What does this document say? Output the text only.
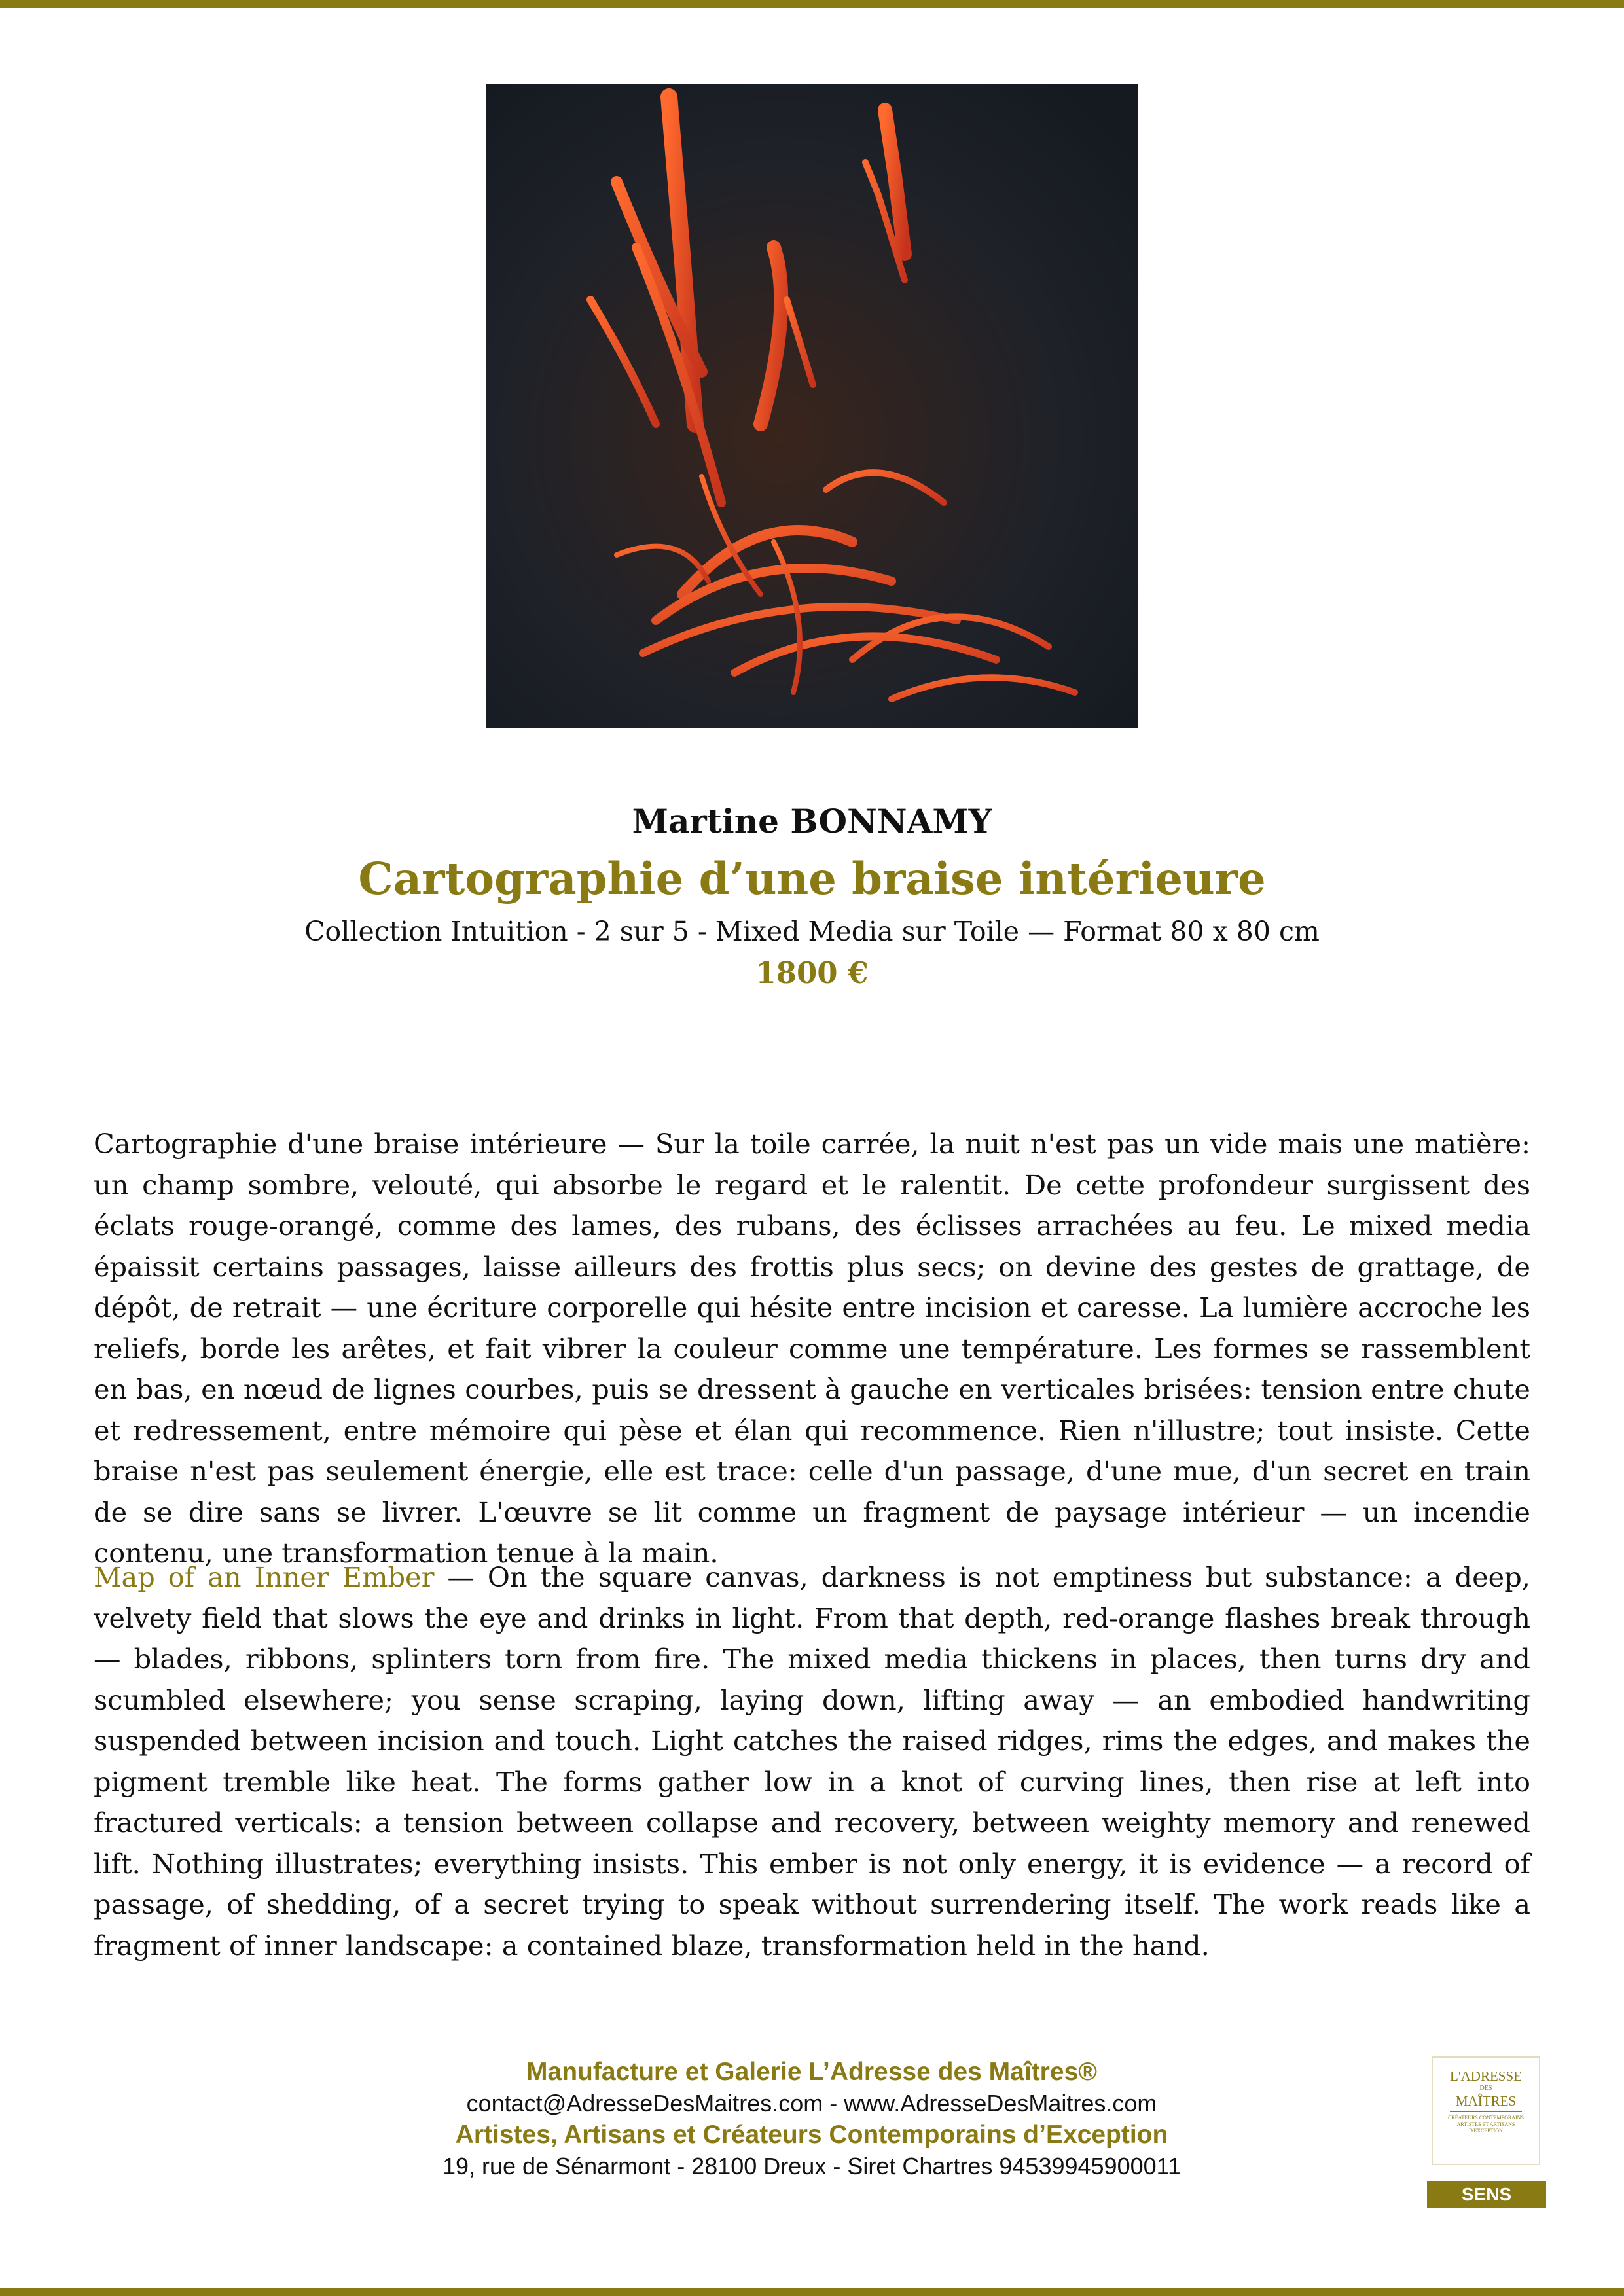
Martine BONNAMY
Cartographie d’une braise intérieure
Collection Intuition - 2 sur 5 - Mixed Media sur Toile — Format 80 x 80 cm
1800 €

Cartographie d'une braise intérieure — Sur la toile carrée, la nuit n'est pas un vide mais une matière: un champ sombre, velouté, qui absorbe le regard et le ralentit. De cette profondeur surgissent des éclats rouge-orangé, comme des lames, des rubans, des éclisses arrachées au feu. Le mixed media épaissit certains passages, laisse ailleurs des frottis plus secs; on devine des gestes de grattage, de dépôt, de retrait — une écriture corporelle qui hésite entre incision et caresse. La lumière accroche les reliefs, borde les arêtes, et fait vibrer la couleur comme une température. Les formes se rassemblent en bas, en nœud de lignes courbes, puis se dressent à gauche en verticales brisées: tension entre chute et redressement, entre mémoire qui pèse et élan qui recommence. Rien n'illustre; tout insiste. Cette braise n'est pas seulement énergie, elle est trace: celle d'un passage, d'une mue, d'un secret en train de se dire sans se livrer. L'œuvre se lit comme un fragment de paysage intérieur — un incendie contenu, une transformation tenue à la main.

Map of an Inner Ember — On the square canvas, darkness is not emptiness but substance: a deep, velvety field that slows the eye and drinks in light. From that depth, red-orange flashes break through — blades, ribbons, splinters torn from fire. The mixed media thickens in places, then turns dry and scumbled elsewhere; you sense scraping, laying down, lifting away — an embodied handwriting suspended between incision and touch. Light catches the raised ridges, rims the edges, and makes the pigment tremble like heat. The forms gather low in a knot of curving lines, then rise at left into fractured verticals: a tension between collapse and recovery, between weighty memory and renewed lift. Nothing illustrates; everything insists. This ember is not only energy, it is evidence — a record of passage, of shedding, of a secret trying to speak without surrendering itself. The work reads like a fragment of inner landscape: a contained blaze, transformation held in the hand.

Manufacture et Galerie L’Adresse des Maîtres®
contact@AdresseDesMaitres.com - www.AdresseDesMaitres.com
Artistes, Artisans et Créateurs Contemporains d’Exception
19, rue de Sénarmont - 28100 Dreux - Siret Chartres 94539945900011
L'ADRESSE
DES
MAÎTRES
CRÉATEURS CONTEMPORAINS ARTISTES ET ARTISANS D'EXCEPTION
SENS
